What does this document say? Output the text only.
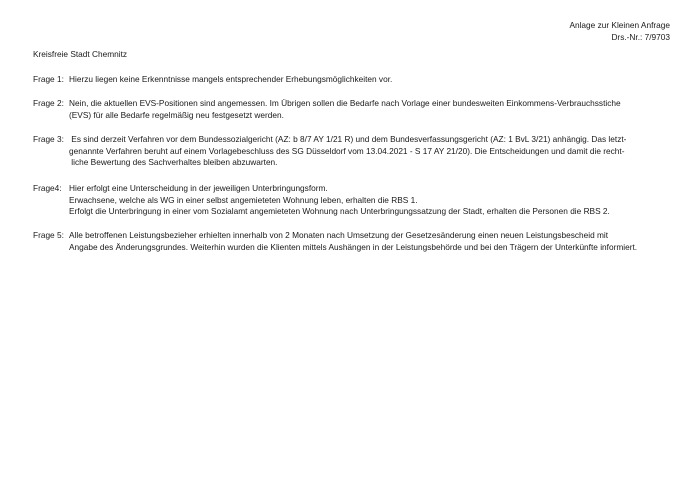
Anlage zur Kleinen Anfrage
Drs.-Nr.: 7/9703
Kreisfreie Stadt Chemnitz
Frage 1: Hierzu liegen keine Erkenntnisse mangels entsprechender Erhebungsmöglichkeiten vor.
Frage 2: Nein, die aktuellen EVS-Positionen sind angemessen. Im Übrigen sollen die Bedarfe nach Vorlage einer bundesweiten Einkommens-Verbrauchsstiche
(EVS) für alle Bedarfe regelmäßig neu festgesetzt werden.
Frage 3: Es sind derzeit Verfahren vor dem Bundessozialgericht (AZ: b 8/7 AY 1/21 R) und dem Bundesverfassungsgericht (AZ: 1 BvL 3/21) anhängig. Das letzt-
genannte Verfahren beruht auf einem Vorlagebeschluss des SG Düsseldorf vom 13.04.2021 - S 17 AY 21/20). Die Entscheidungen und damit die recht-
liche Bewertung des Sachverhaltes bleiben abzuwarten.
Frage4: Hier erfolgt eine Unterscheidung in der jeweiligen Unterbringungsform.
Erwachsene, welche als WG in einer selbst angemieteten Wohnung leben, erhalten die RBS 1.
Erfolgt die Unterbringung in einer vom Sozialamt angemieteten Wohnung nach Unterbringungssatzung der Stadt, erhalten die Personen die RBS 2.
Frage 5: Alle betroffenen Leistungsbezieher erhielten innerhalb von 2 Monaten nach Umsetzung der Gesetzesänderung einen neuen Leistungsbescheid mit
Angabe des Änderungsgrundes. Weiterhin wurden die Klienten mittels Aushängen in der Leistungsbehörde und bei den Trägern der Unterkünfte informiert.
